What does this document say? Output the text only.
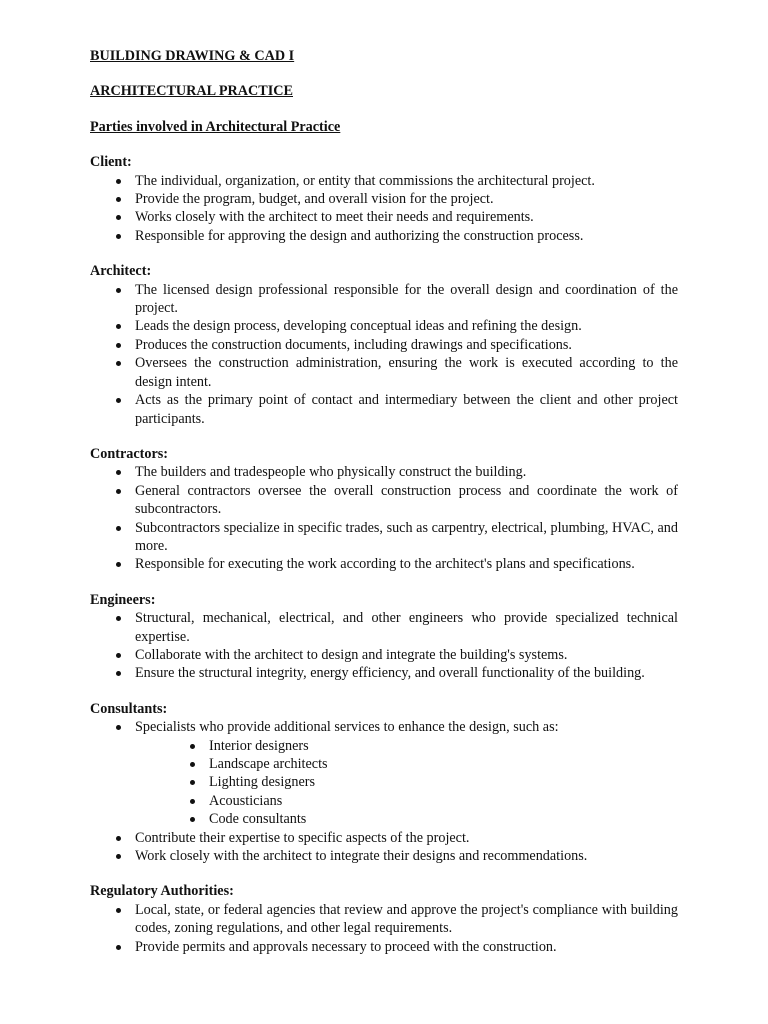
BUILDING DRAWING & CAD I

ARCHITECTURAL PRACTICE

Parties involved in Architectural Practice

Client:

The individual, organization, or entity that commissions the architectural project.
Provide the program, budget, and overall vision for the project.
Works closely with the architect to meet their needs and requirements.
Responsible for approving the design and authorizing the construction process.

Architect:

The licensed design professional responsible for the overall design and coordination of the project.
Leads the design process, developing conceptual ideas and refining the design.
Produces the construction documents, including drawings and specifications.
Oversees the construction administration, ensuring the work is executed according to the design intent.
Acts as the primary point of contact and intermediary between the client and other project participants.

Contractors:

The builders and tradespeople who physically construct the building.
General contractors oversee the overall construction process and coordinate the work of subcontractors.
Subcontractors specialize in specific trades, such as carpentry, electrical, plumbing, HVAC, and more.
Responsible for executing the work according to the architect's plans and specifications.

Engineers:

Structural, mechanical, electrical, and other engineers who provide specialized technical expertise.
Collaborate with the architect to design and integrate the building's systems.
Ensure the structural integrity, energy efficiency, and overall functionality of the building.

Consultants:

Specialists who provide additional services to enhance the design, such as:
Interior designers
Landscape architects
Lighting designers
Acousticians
Code consultants
Contribute their expertise to specific aspects of the project.
Work closely with the architect to integrate their designs and recommendations.

Regulatory Authorities:

Local, state, or federal agencies that review and approve the project's compliance with building codes, zoning regulations, and other legal requirements.
Provide permits and approvals necessary to proceed with the construction.
